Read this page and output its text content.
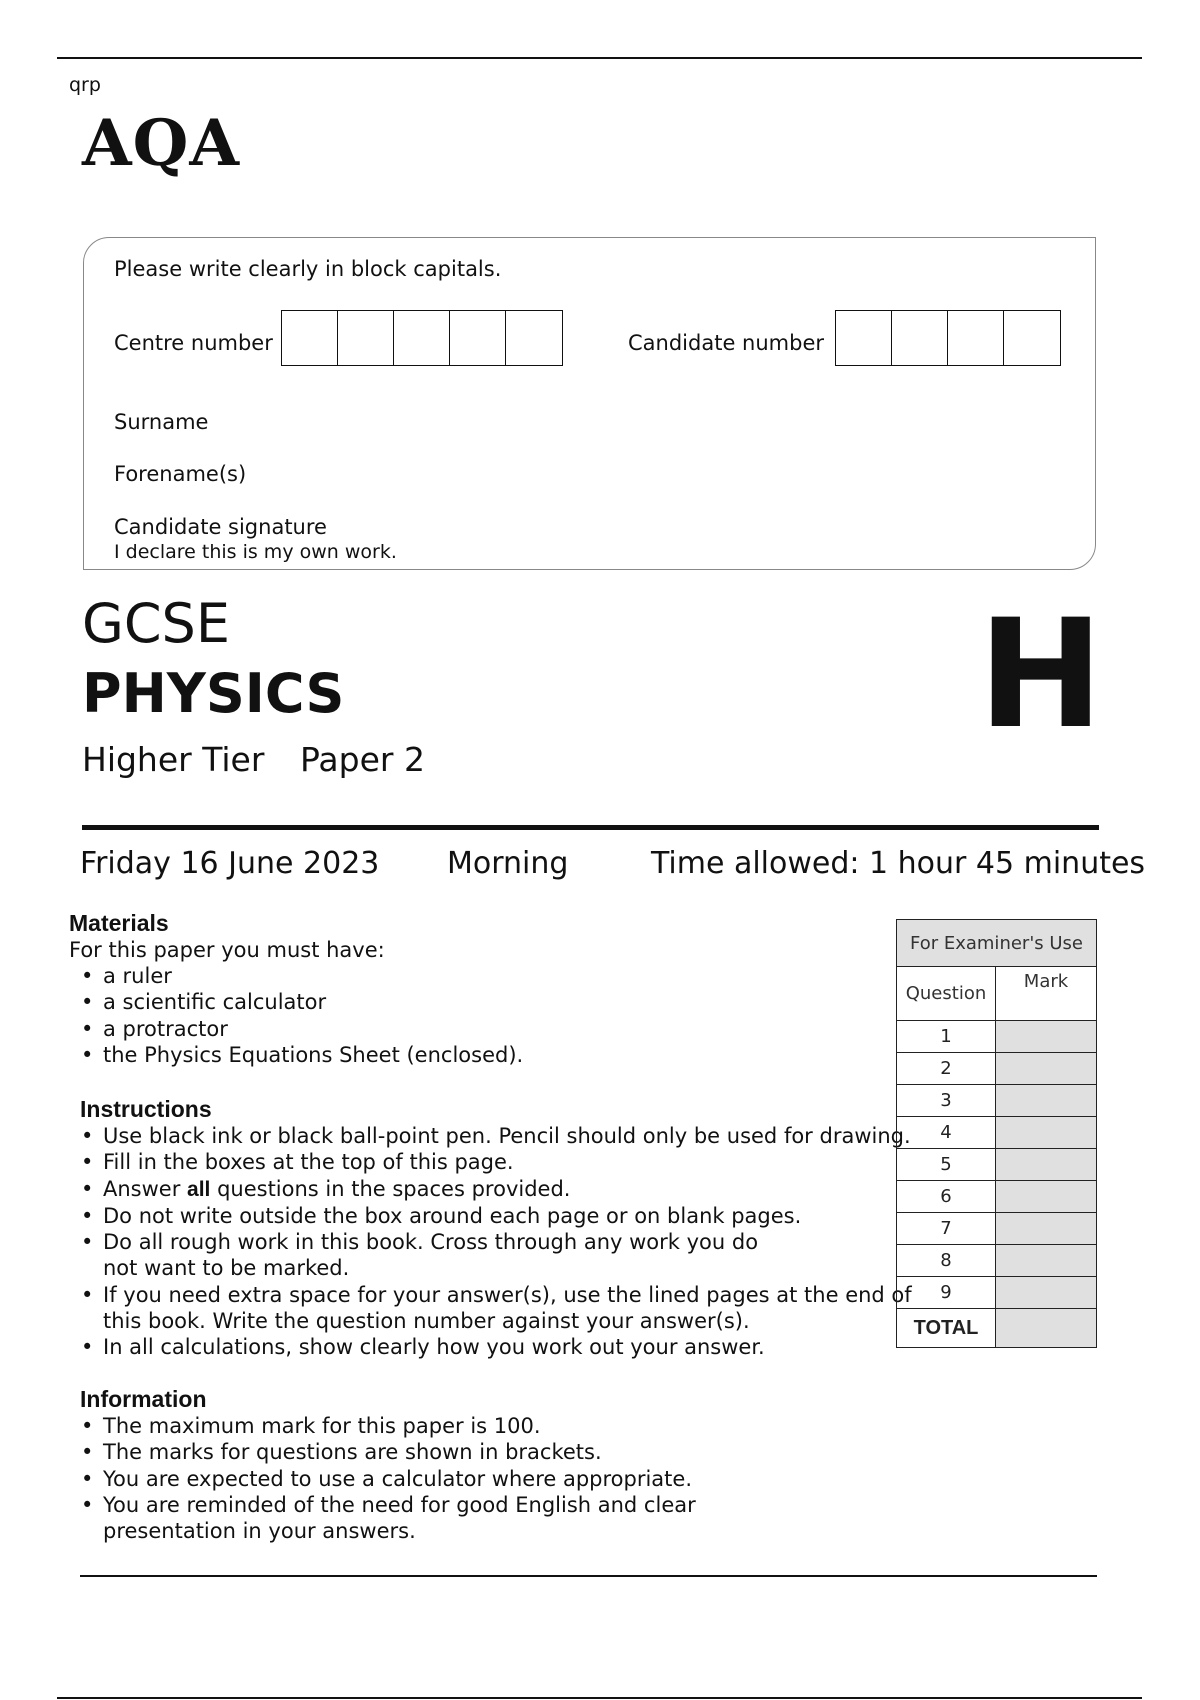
qrp
AQA
Please write clearly in block capitals.
Centre number	Candidate number
Surname
Forename(s)
Candidate signature
I declare this is my own work.
GCSE
PHYSICS
Higher Tier Paper 2	H
Friday 16 June 2023 Morning	Time allowed: 1 hour 45 minutes
Materials
For this paper you must have:
• a ruler
• a scientific calculator
• a protractor
• the Physics Equations Sheet (enclosed).
Instructions
• Use black ink or black ball-point pen. Pencil should only be used for drawing.
• Fill in the boxes at the top of this page.
• Answer all questions in the spaces provided.
• Do not write outside the box around each page or on blank pages.
• Do all rough work in this book. Cross through any work you do
not want to be marked.
• If you need extra space for your answer(s), use the lined pages at the end of
this book. Write the question number against your answer(s).
• In all calculations, show clearly how you work out your answer.
Information
• The maximum mark for this paper is 100.
• The marks for questions are shown in brackets.
• You are expected to use a calculator where appropriate.
• You are reminded of the need for good English and clear
presentation in your answers.
For Examiner's Use	
Question	Mark
1	
2	
3	
4	
5	
6	
7	
8	
9	
TOTAL	
